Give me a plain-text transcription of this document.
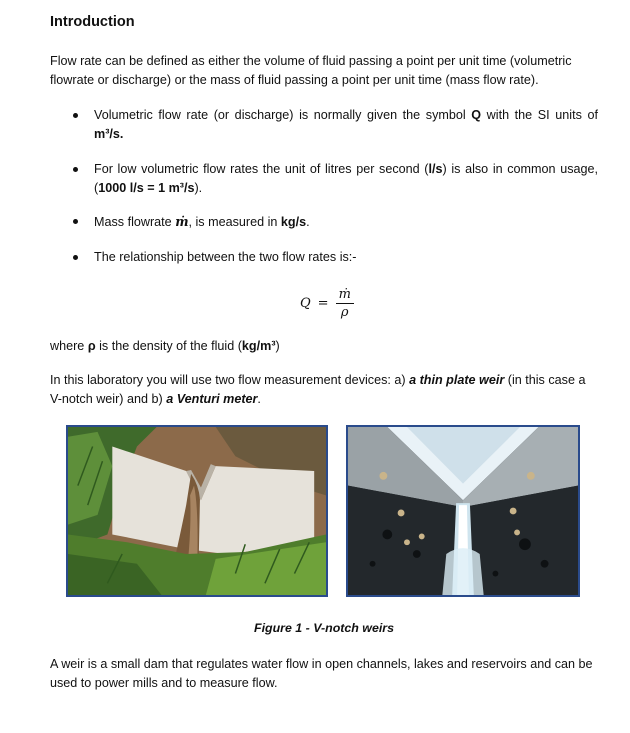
Introduction

Flow rate can be defined as either the volume of fluid passing a point per unit time (volumetric flowrate or discharge) or the mass of fluid passing a point per unit time (mass flow rate).

Volumetric flow rate (or discharge) is normally given the symbol Q with the SI units of m³/s.
For low volumetric flow rates the unit of litres per second (l/s) is also in common usage, (1000 l/s = 1 m³/s).
Mass flowrate ṁ, is measured in kg/s.
The relationship between the two flow rates is:-
$Q = \frac{\text{ṁ}}{\rho}$

where ρ is the density of the fluid (kg/m³)

In this laboratory you will use two flow measurement devices: a) a thin plate weir (in this case a V-notch weir) and b) a Venturi meter.

Figure 1 - V-notch weirs

A weir is a small dam that regulates water flow in open channels, lakes and reservoirs and can be used to power mills and to measure flow.
